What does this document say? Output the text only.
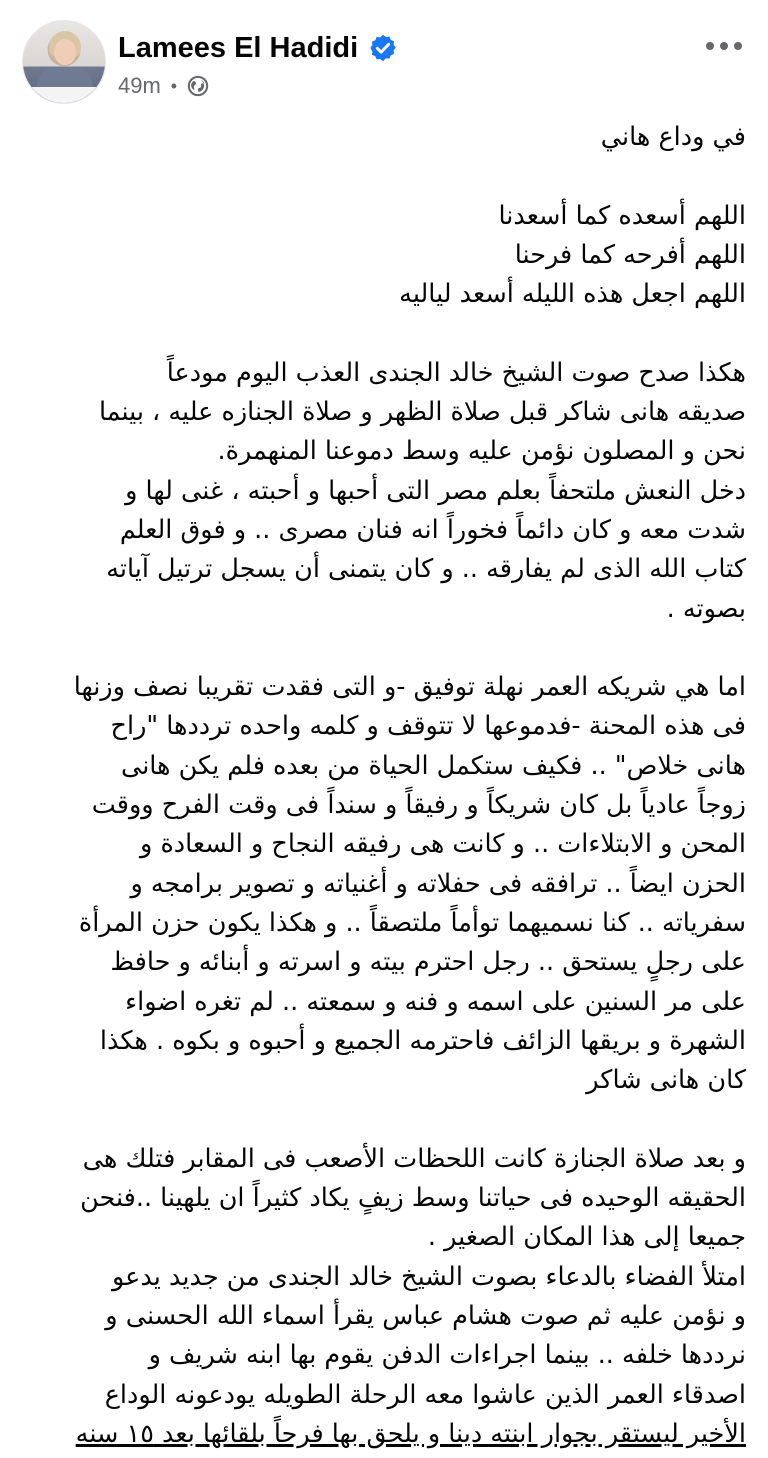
Lamees El Hadidi
49m •

في وداع هاني

اللهم أسعده كما أسعدنا

اللهم أفرحه كما فرحنا

اللهم اجعل هذه الليله أسعد لياليه

هكذا صدح صوت الشيخ خالد الجندى العذب اليوم مودعاً

صديقه هانى شاكر قبل صلاة الظهر و صلاة الجنازه عليه ، بينما

نحن و المصلون نؤمن عليه وسط دموعنا المنهمرة.

دخل النعش ملتحفاً بعلم مصر التى أحبها و أحبته ، غنى لها و

شدت معه و كان دائماً فخوراً انه فنان مصرى .. و فوق العلم

كتاب الله الذى لم يفارقه .. و كان يتمنى أن يسجل ترتيل آياته

بصوته .

اما هي شريكه العمر نهلة توفيق -و التى فقدت تقريبا نصف وزنها

فى هذه المحنة -فدموعها لا تتوقف و كلمه واحده ترددها "راح

هانى خلاص" .. فكيف ستكمل الحياة من بعده فلم يكن هانى

زوجاً عادياً بل كان شريكاً و رفيقاً و سنداً فى وقت الفرح ووقت

المحن و الابتلاءات .. و كانت هى رفيقه النجاح و السعادة و

الحزن ايضاً .. ترافقه فى حفلاته و أغنياته و تصوير برامجه و

سفرياته .. كنا نسميهما توأماً ملتصقاً .. و هكذا يكون حزن المرأة

على رجلٍ يستحق .. رجل احترم بيته و اسرته و أبنائه و حافظ

على مر السنين على اسمه و فنه و سمعته .. لم تغره اضواء

الشهرة و بريقها الزائف فاحترمه الجميع و أحبوه و بكوه . هكذا

كان هانى شاكر

و بعد صلاة الجنازة كانت اللحظات الأصعب فى المقابر فتلك هى

الحقيقه الوحيده فى حياتنا وسط زيفٍ يكاد كثيراً ان يلهينا ..فنحن

جميعا إلى هذا المكان الصغير .

امتلأ الفضاء بالدعاء بصوت الشيخ خالد الجندى من جديد يدعو

و نؤمن عليه ثم صوت هشام عباس يقرأ اسماء الله الحسنى و

نرددها خلفه .. بينما اجراءات الدفن يقوم بها ابنه شريف و

اصدقاء العمر الذين عاشوا معه الرحلة الطويله يودعونه الوداع

الأخير ليستقر بجوار ابنته دينا و يلحق بها فرحاً بلقائها بعد ١٥ سنه
